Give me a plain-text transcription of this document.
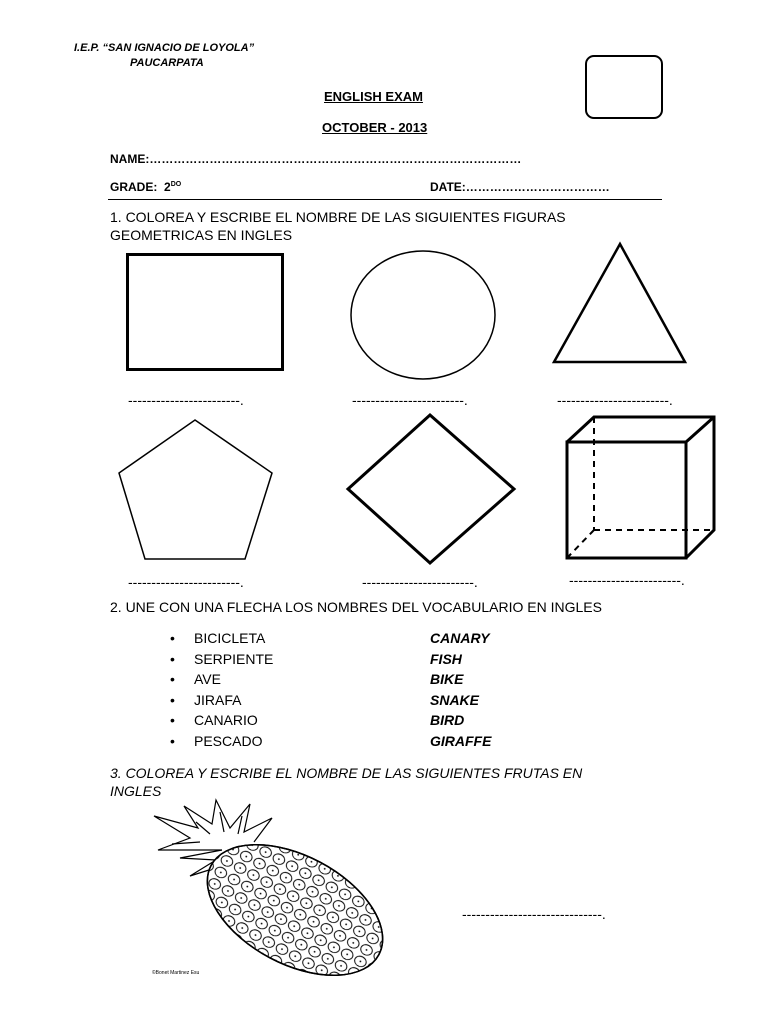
I.E.P. “SAN IGNACIO DE LOYOLA”
PAUCARPATA
ENGLISH EXAM
OCTOBER - 2013
NAME:…………………………………………………………………………………
GRADE: $2^{DO}$	DATE:………………………………
1. COLOREA Y ESCRIBE EL NOMBRE DE LAS SIGUIENTES FIGURAS
GEOMETRICAS EN INGLES
------------------------.	------------------------.	------------------------.
------------------------.	------------------------.	------------------------.
2. UNE CON UNA FLECHA LOS NOMBRES DEL VOCABULARIO EN INGLES
• BICICLETA	CANARY
• SERPIENTE	FISH
• AVE	BIKE
• JIRAFA	SNAKE
• CANARIO	BIRD
• PESCADO	GIRAFFE
3. COLOREA Y ESCRIBE EL NOMBRE DE LAS SIGUIENTES FRUTAS EN
INGLES
©Bonet Martinez Esu
------------------------------.
